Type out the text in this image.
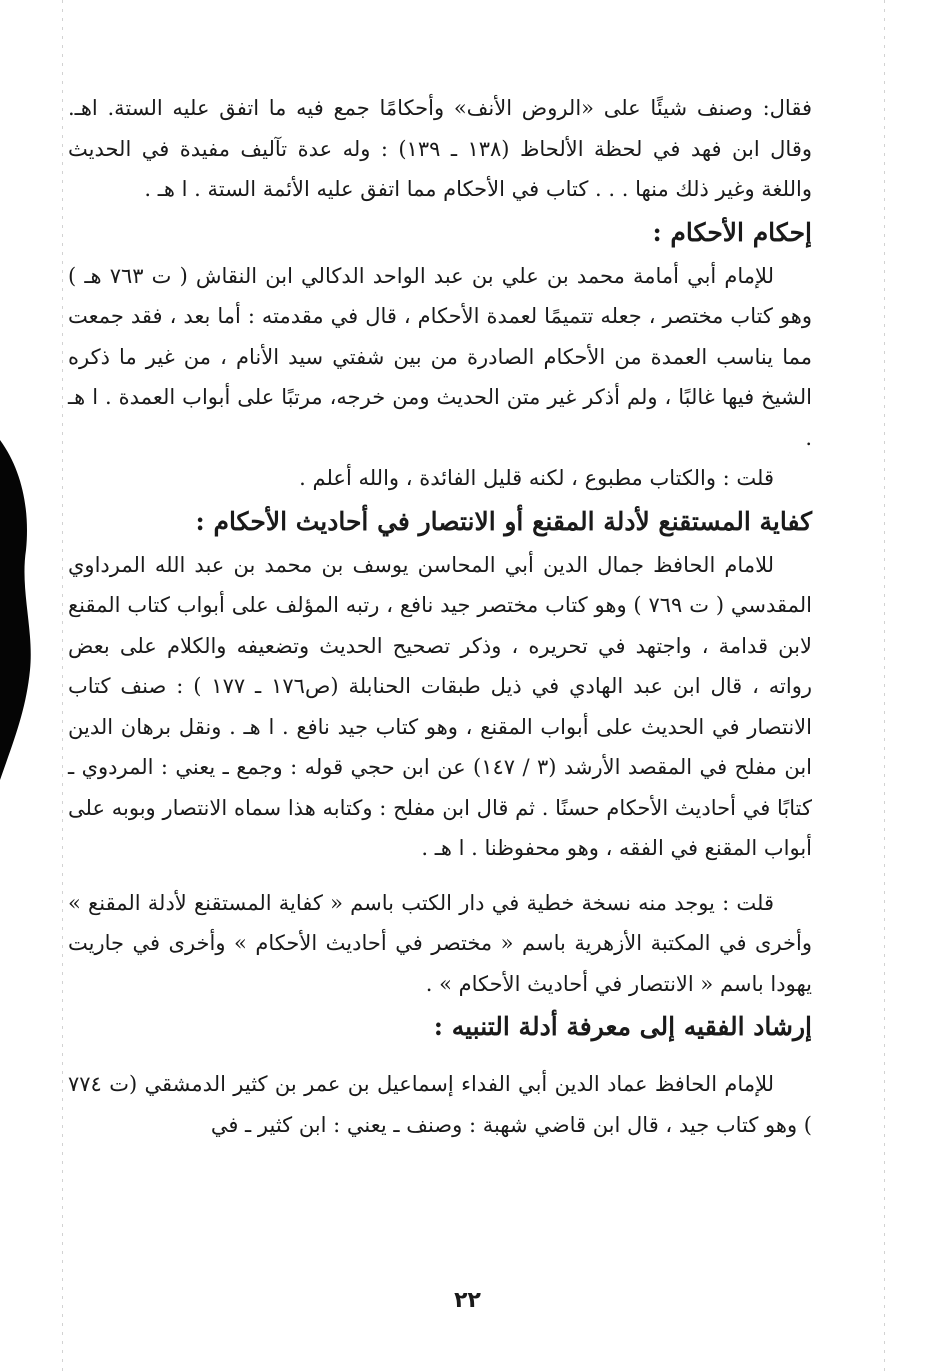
فقال: وصنف شيئًا على «الروض الأنف» وأحكامًا جمع فيه ما اتفق عليه الستة. اهـ. وقال ابن فهد في لحظة الألحاظ (١٣٨ ـ ١٣٩) : وله عدة تآليف مفيدة في الحديث واللغة وغير ذلك منها . . . كتاب في الأحكام مما اتفق عليه الأئمة الستة . ا هـ .

إحكام الأحكام :

للإمام أبي أمامة محمد بن علي بن عبد الواحد الدكالي ابن النقاش ( ت ٧٦٣ هـ ) وهو كتاب مختصر ، جعله تتميمًا لعمدة الأحكام ، قال في مقدمته : أما بعد ، فقد جمعت مما يناسب العمدة من الأحكام الصادرة من بين شفتي سيد الأنام ، من غير ما ذكره الشيخ فيها غالبًا ، ولم أذكر غير متن الحديث ومن خرجه، مرتبًا على أبواب العمدة . ا هـ .

قلت : والكتاب مطبوع ، لكنه قليل الفائدة ، والله أعلم .

كفاية المستقنع لأدلة المقنع أو الانتصار في أحاديث الأحكام :

للامام الحافظ جمال الدين أبي المحاسن يوسف بن محمد بن عبد الله المرداوي المقدسي ( ت ٧٦٩ ) وهو كتاب مختصر جيد نافع ، رتبه المؤلف على أبواب كتاب المقنع لابن قدامة ، واجتهد في تحريره ، وذكر تصحيح الحديث وتضعيفه والكلام على بعض رواته ، قال ابن عبد الهادي في ذيل طبقات الحنابلة (ص١٧٦ ـ ١٧٧ ) : صنف كتاب الانتصار في الحديث على أبواب المقنع ، وهو كتاب جيد نافع . ا هـ . ونقل برهان الدين ابن مفلح في المقصد الأرشد (٣ / ١٤٧) عن ابن حجي قوله : وجمع ـ يعني : المردوي ـ كتابًا في أحاديث الأحكام حسنًا . ثم قال ابن مفلح : وكتابه هذا سماه الانتصار وبوبه على أبواب المقنع في الفقه ، وهو محفوظنا . ا هـ .

قلت : يوجد منه نسخة خطية في دار الكتب باسم « كفاية المستقنع لأدلة المقنع » وأخرى في المكتبة الأزهرية باسم « مختصر في أحاديث الأحكام » وأخرى في جاريت يهودا باسم « الانتصار في أحاديث الأحكام » .

إرشاد الفقيه إلى معرفة أدلة التنبيه :

للإمام الحافظ عماد الدين أبي الفداء إسماعيل بن عمر بن كثير الدمشقي (ت ٧٧٤ ) وهو كتاب جيد ، قال ابن قاضي شهبة : وصنف ـ يعني : ابن كثير ـ في

٢٢
